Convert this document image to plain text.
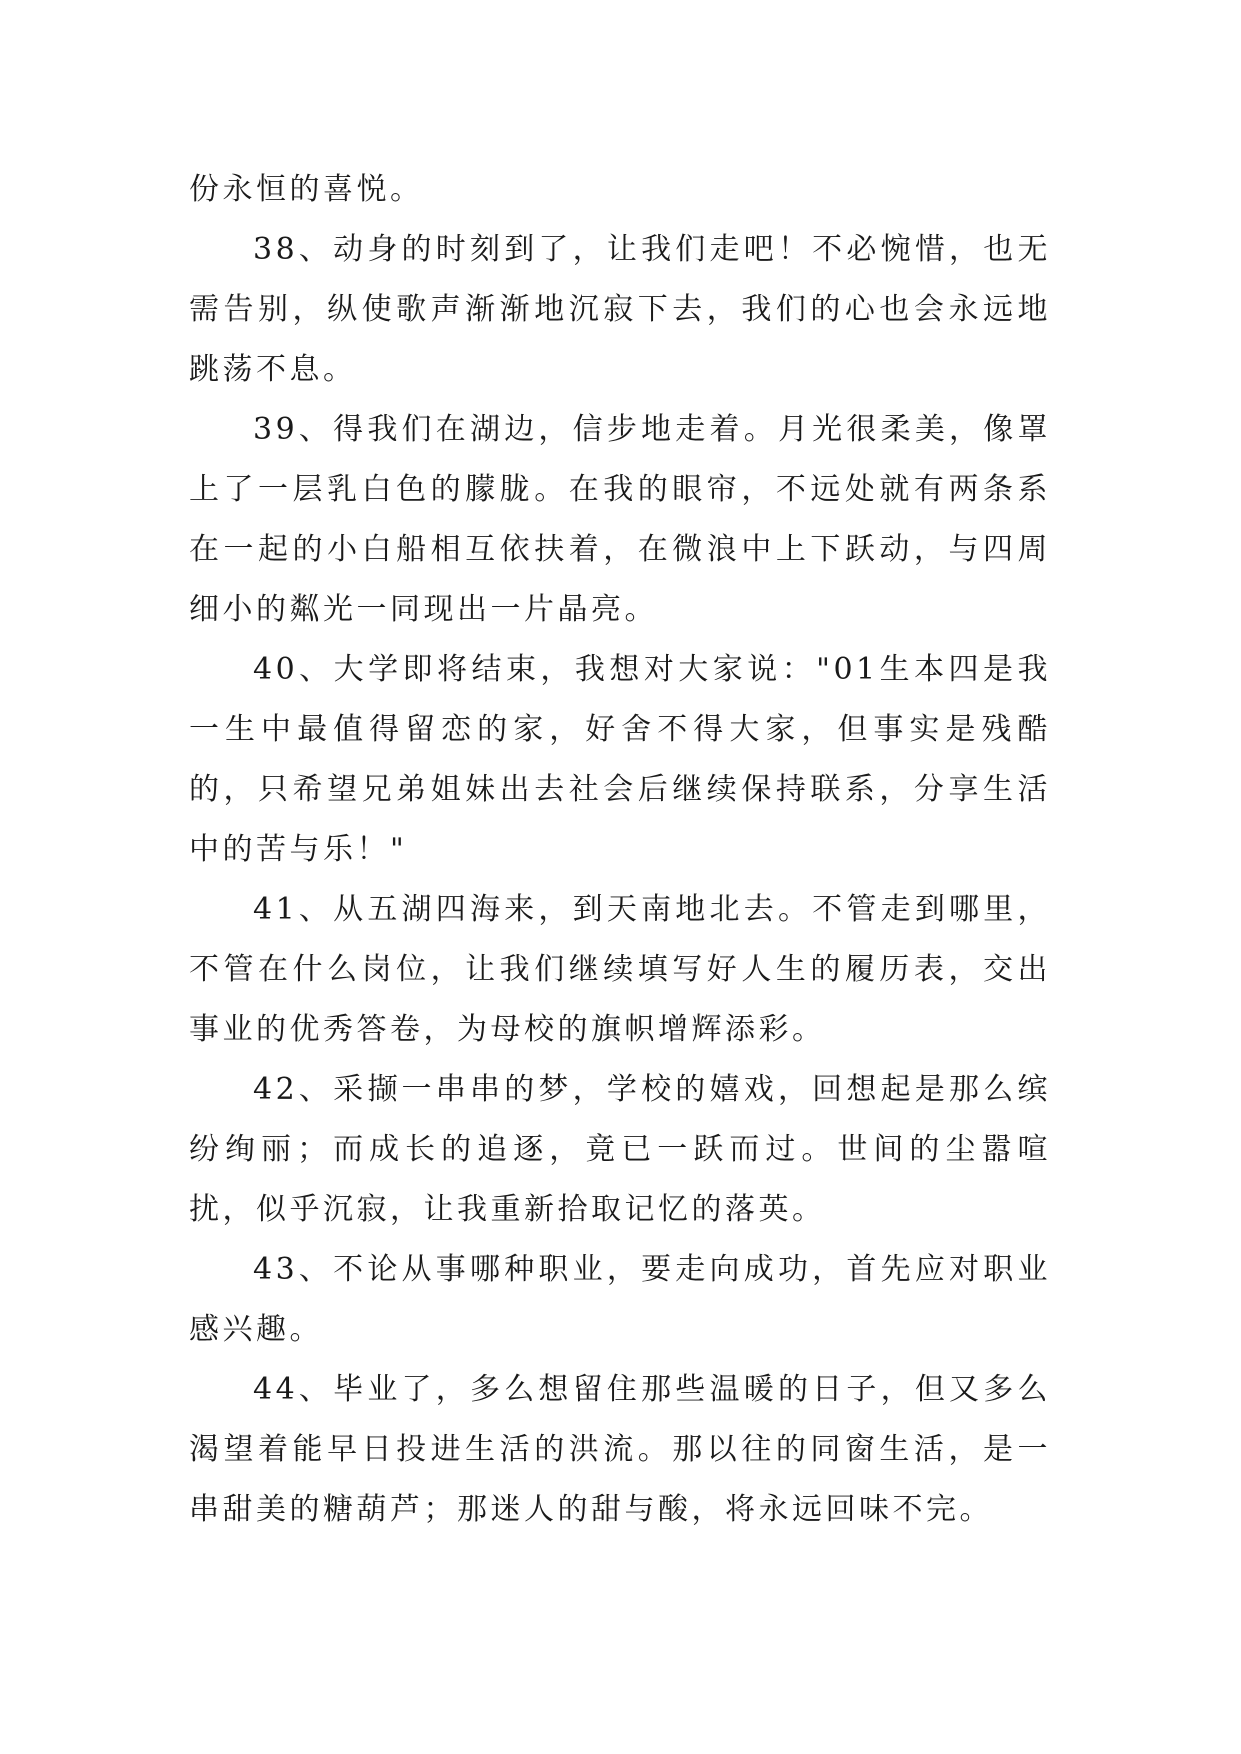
份永恒的喜悦。

38、动身的时刻到了，让我们走吧！不必惋惜，也无需告别，纵使歌声渐渐地沉寂下去，我们的心也会永远地跳荡不息。

39、得我们在湖边，信步地走着。月光很柔美，像罩上了一层乳白色的朦胧。在我的眼帘，不远处就有两条系在一起的小白船相互依扶着，在微浪中上下跃动，与四周细小的粼光一同现出一片晶亮。

40、大学即将结束，我想对大家说："01生本四是我一生中最值得留恋的家，好舍不得大家，但事实是残酷的，只希望兄弟姐妹出去社会后继续保持联系，分享生活中的苦与乐！"

41、从五湖四海来，到天南地北去。不管走到哪里，不管在什么岗位，让我们继续填写好人生的履历表，交出事业的优秀答卷，为母校的旗帜增辉添彩。

42、采撷一串串的梦，学校的嬉戏，回想起是那么缤纷绚丽；而成长的追逐，竟已一跃而过。世间的尘嚣喧扰，似乎沉寂，让我重新拾取记忆的落英。

43、不论从事哪种职业，要走向成功，首先应对职业感兴趣。

44、毕业了，多么想留住那些温暖的日子，但又多么渴望着能早日投进生活的洪流。那以往的同窗生活，是一串甜美的糖葫芦；那迷人的甜与酸，将永远回味不完。
